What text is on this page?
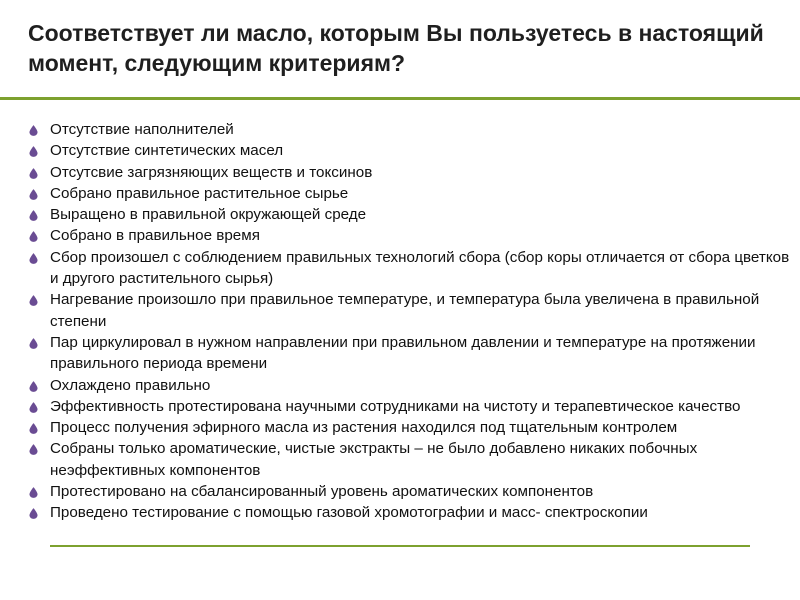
Соответствует ли масло, которым Вы пользуетесь в настоящий момент, следующим критериям?
Отсутствие наполнителей
Отсутствие синтетических масел
Отсутсвие загрязняющих веществ и токсинов
Собрано правильное растительное сырье
Выращено в правильной окружающей среде
Собрано в правильное время
Сбор произошел с соблюдением правильных технологий сбора (сбор коры отличается от сбора цветков и другого растительного сырья)
Нагревание произошло при правильное температуре, и температура была увеличена в правильной степени
Пар циркулировал в нужном направлении при правильном давлении и температуре на протяжении правильного периода времени
Охлаждено правильно
Эффективность протестирована научными сотрудниками на чистоту и терапевтическое качество
Процесс получения эфирного масла из растения находился под тщательным контролем
Собраны только ароматические, чистые экстракты – не было добавлено никаких побочных неэффективных компонентов
Протестировано на сбалансированный уровень ароматических компонентов
Проведено тестирование с помощью газовой хромотографии и масс- спектроскопии
